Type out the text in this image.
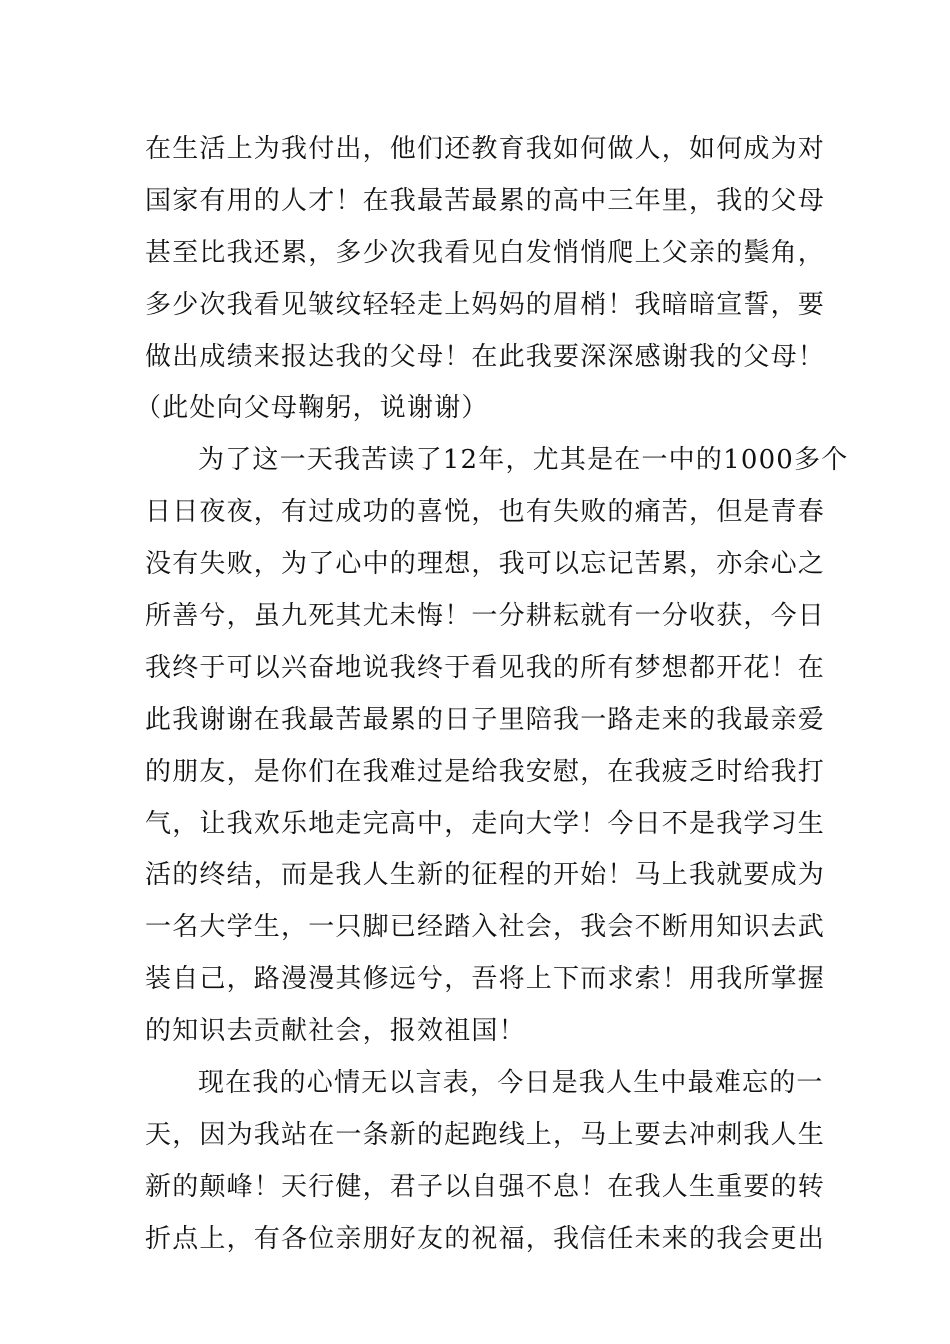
在生活上为我付出，他们还教育我如何做人，如何成为对
国家有用的人才！在我最苦最累的高中三年里，我的父母
甚至比我还累，多少次我看见白发悄悄爬上父亲的鬓角，
多少次我看见皱纹轻轻走上妈妈的眉梢！我暗暗宣誓，要
做出成绩来报达我的父母！在此我要深深感谢我的父母！
（此处向父母鞠躬，说谢谢）
为了这一天我苦读了12年，尤其是在一中的1000多个
日日夜夜，有过成功的喜悦，也有失败的痛苦，但是青春
没有失败，为了心中的理想，我可以忘记苦累，亦余心之
所善兮，虽九死其尤未悔！一分耕耘就有一分收获，今日
我终于可以兴奋地说我终于看见我的所有梦想都开花！在
此我谢谢在我最苦最累的日子里陪我一路走来的我最亲爱
的朋友，是你们在我难过是给我安慰，在我疲乏时给我打
气，让我欢乐地走完高中，走向大学！今日不是我学习生
活的终结，而是我人生新的征程的开始！马上我就要成为
一名大学生，一只脚已经踏入社会，我会不断用知识去武
装自己，路漫漫其修远兮，吾将上下而求索！用我所掌握
的知识去贡献社会，报效祖国！
现在我的心情无以言表，今日是我人生中最难忘的一
天，因为我站在一条新的起跑线上，马上要去冲刺我人生
新的颠峰！天行健，君子以自强不息！在我人生重要的转
折点上，有各位亲朋好友的祝福，我信任未来的我会更出
